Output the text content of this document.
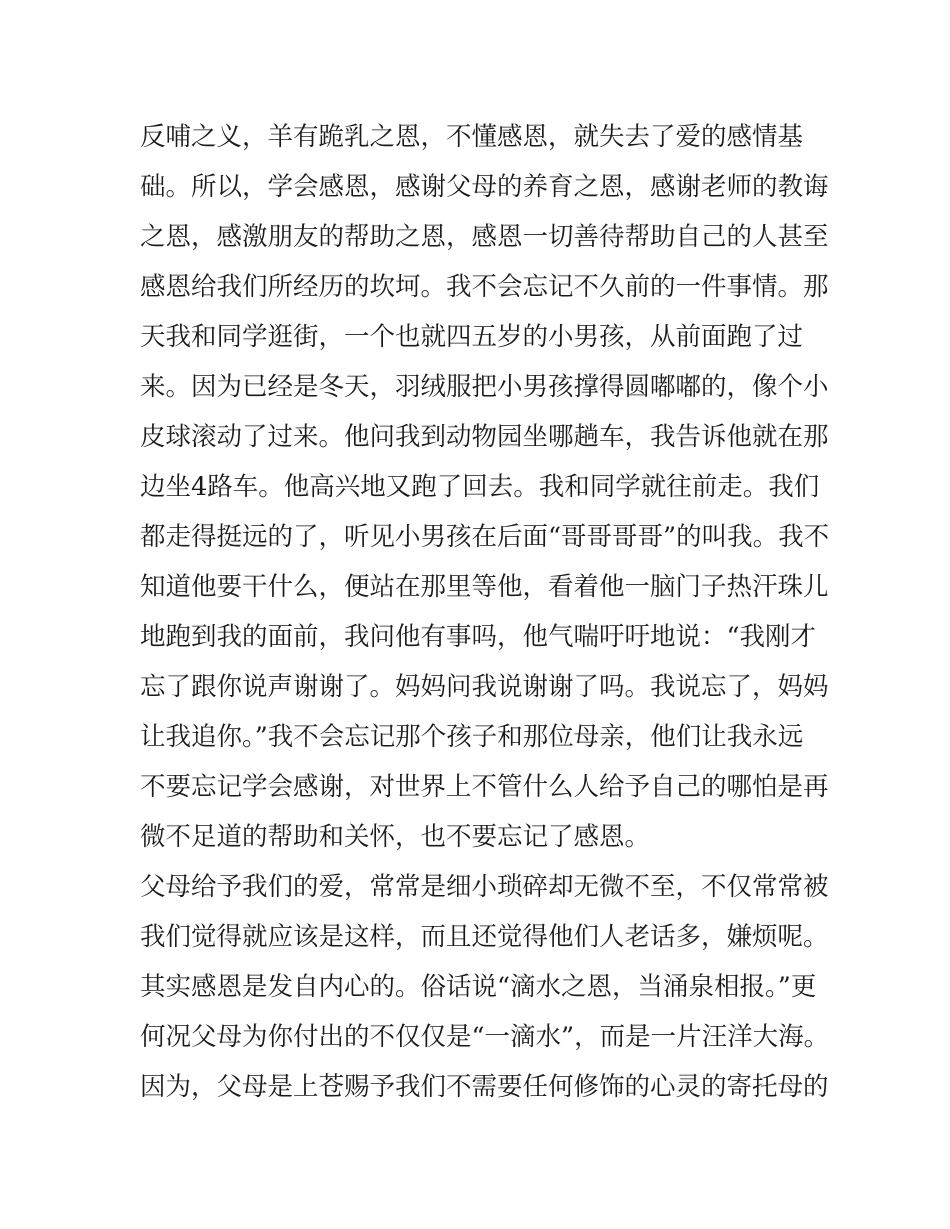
反哺之义，羊有跪乳之恩，不懂感恩，就失去了爱的感情基
础。所以，学会感恩，感谢父母的养育之恩，感谢老师的教诲
之恩，感激朋友的帮助之恩，感恩一切善待帮助自己的人甚至
感恩给我们所经历的坎坷。我不会忘记不久前的一件事情。那
天我和同学逛街，一个也就四五岁的小男孩，从前面跑了过
来。因为已经是冬天，羽绒服把小男孩撑得圆嘟嘟的，像个小
皮球滚动了过来。他问我到动物园坐哪趟车，我告诉他就在那
边坐4路车。他高兴地又跑了回去。我和同学就往前走。我们
都走得挺远的了，听见小男孩在后面“哥哥哥哥”的叫我。我不
知道他要干什么，便站在那里等他，看着他一脑门子热汗珠儿
地跑到我的面前，我问他有事吗，他气喘吁吁地说：“我刚才
忘了跟你说声谢谢了。妈妈问我说谢谢了吗。我说忘了，妈妈
让我追你。”我不会忘记那个孩子和那位母亲，他们让我永远
不要忘记学会感谢，对世界上不管什么人给予自己的哪怕是再
微不足道的帮助和关怀，也不要忘记了感恩。
父母给予我们的爱，常常是细小琐碎却无微不至，不仅常常被
我们觉得就应该是这样，而且还觉得他们人老话多，嫌烦呢。
其实感恩是发自内心的。俗话说“滴水之恩，当涌泉相报。”更
何况父母为你付出的不仅仅是“一滴水”，而是一片汪洋大海。
因为，父母是上苍赐予我们不需要任何修饰的心灵的寄托母的
